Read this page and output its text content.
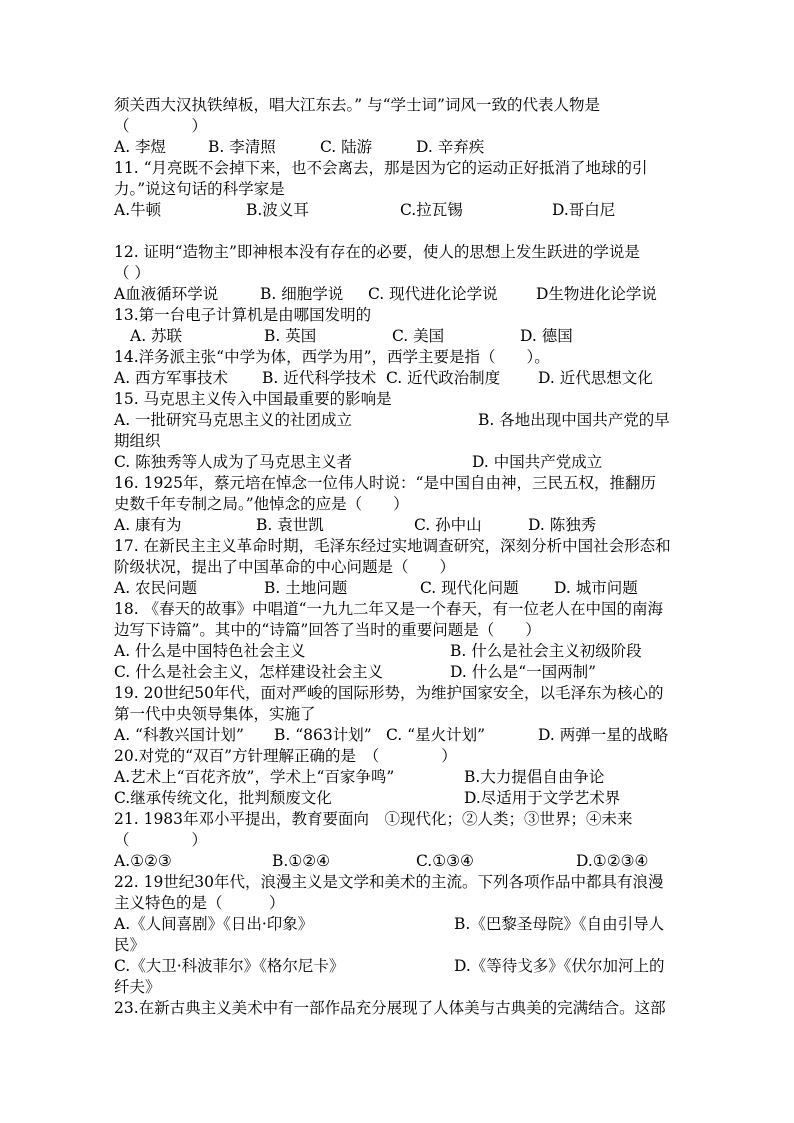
须关西大汉执铁绰板，唱大江东去。” 与“学士词”词风一致的代表人物是
（　　　　）
A. 李煜	B. 李清照	C. 陆游	D. 辛弃疾
11. “月亮既不会掉下来，也不会离去，那是因为它的运动正好抵消了地球的引
力。”说这句话的科学家是
A.牛顿	B.波义耳	C.拉瓦锡	D.哥白尼
12. 证明“造物主”即神根本没有存在的必要，使人的思想上发生跃进的学说是
（ ）
A血液循环学说	B. 细胞学说 C. 现代进化论学说 D生物进化论学说
13.第一台电子计算机是由哪国发明的
A. 苏联	B. 英国	C. 美国	D. 德国
14.洋务派主张“中学为体，西学为用”，西学主要是指（　　）。
A. 西方军事技术 B. 近代科学技术 C. 近代政治制度 D. 近代思想文化
15. 马克思主义传入中国最重要的影响是
A. 一批研究马克思主义的社团成立	B. 各地出现中国共产党的早
期组织
C. 陈独秀等人成为了马克思主义者	D. 中国共产党成立
16. 1925年，蔡元培在悼念一位伟人时说：“是中国自由神，三民五权，推翻历
史数千年专制之局。”他悼念的应是（　　）
A. 康有为	B. 袁世凯	C. 孙中山	D. 陈独秀
17. 在新民主主义革命时期，毛泽东经过实地调查研究，深刻分析中国社会形态和
阶级状况，提出了中国革命的中心问题是（　　）
A. 农民问题	B. 土地问题	C. 现代化问题 D. 城市问题
18. 《春天的故事》中唱道“一九九二年又是一个春天，有一位老人在中国的南海
边写下诗篇”。其中的“诗篇”回答了当时的重要问题是（　　）
A. 什么是中国特色社会主义	B. 什么是社会主义初级阶段
C. 什么是社会主义，怎样建设社会主义	D. 什么是“一国两制”
19. 20世纪50年代，面对严峻的国际形势，为维护国家安全，以毛泽东为核心的
第一代中央领导集体，实施了
A. “科教兴国计划” B. “863计划” C. “星火计划”	D. 两弹一星的战略
20.对党的“双百”方针理解正确的是　（　　　　）
A.艺术上“百花齐放”，学术上“百家争鸣”	B.大力提倡自由争论
C.继承传统文化，批判颓废文化	D.尽适用于文学艺术界
21. 1983年邓小平提出，教育要面向　①现代化；②人类；③世界；④未来
（　　　　）
A.①②③	B.①②④	C.①③④	D.①②③④
22. 19世纪30年代，浪漫主义是文学和美术的主流。下列各项作品中都具有浪漫
主义特色的是（　　　）
A.《人间喜剧》《日出·印象》	B.《巴黎圣母院》《自由引导人
民》
C.《大卫·科波菲尔》《格尔尼卡》	D.《等待戈多》《伏尔加河上的
纤夫》
23.在新古典主义美术中有一部作品充分展现了人体美与古典美的完满结合。这部
